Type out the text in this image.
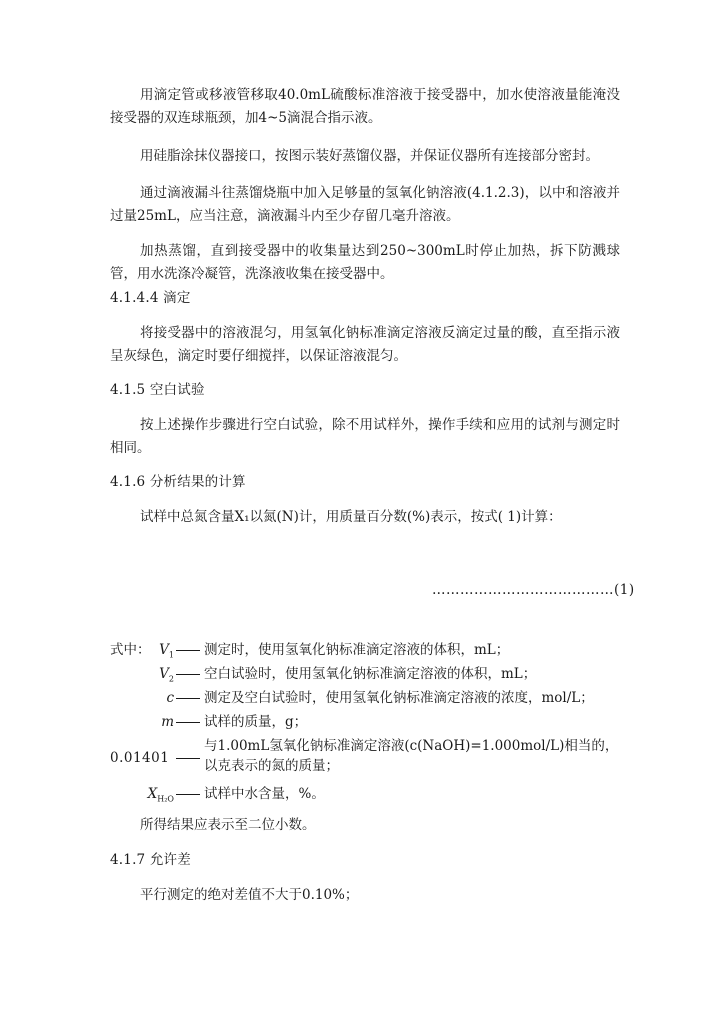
用滴定管或移液管移取40.0mL硫酸标准溶液于接受器中，加水使溶液量能淹没接受器的双连球瓶颈，加4~5滴混合指示液。

用硅脂涂抹仪器接口，按图示装好蒸馏仪器，并保证仪器所有连接部分密封。

通过滴液漏斗往蒸馏烧瓶中加入足够量的氢氧化钠溶液(4.1.2.3)，以中和溶液并过量25mL，应当注意，滴液漏斗内至少存留几毫升溶液。

加热蒸馏，直到接受器中的收集量达到250~300mL时停止加热，拆下防溅球管，用水洗涤冷凝管，洗涤液收集在接受器中。

4.1.4.4 滴定

将接受器中的溶液混匀，用氢氧化钠标准滴定溶液反滴定过量的酸，直至指示液呈灰绿色，滴定时要仔细搅拌，以保证溶液混匀。

4.1.5 空白试验

按上述操作步骤进行空白试验，除不用试样外，操作手续和应用的试剂与测定时相同。

4.1.6 分析结果的计算

试样中总氮含量X₁以氮(N)计，用质量百分数(%)表示，按式( 1)计算：

…………………………………(1)
式中： $V_1$ 测定时，使用氢氧化钠标准滴定溶液的体积，mL；
$V_2$ 空白试验时，使用氢氧化钠标准滴定溶液的体积，mL；
c 测定及空白试验时，使用氢氧化钠标准滴定溶液的浓度，mol/L；
m 试样的质量，g；
0.01401
与1.00mL氢氧化钠标准滴定溶液(c(NaOH)=1.000mol/L)相当的，
以克表示的氮的质量；
$X_{H_2O}$ 试样中水含量，%。

所得结果应表示至二位小数。

4.1.7 允许差

平行测定的绝对差值不大于0.10%；
